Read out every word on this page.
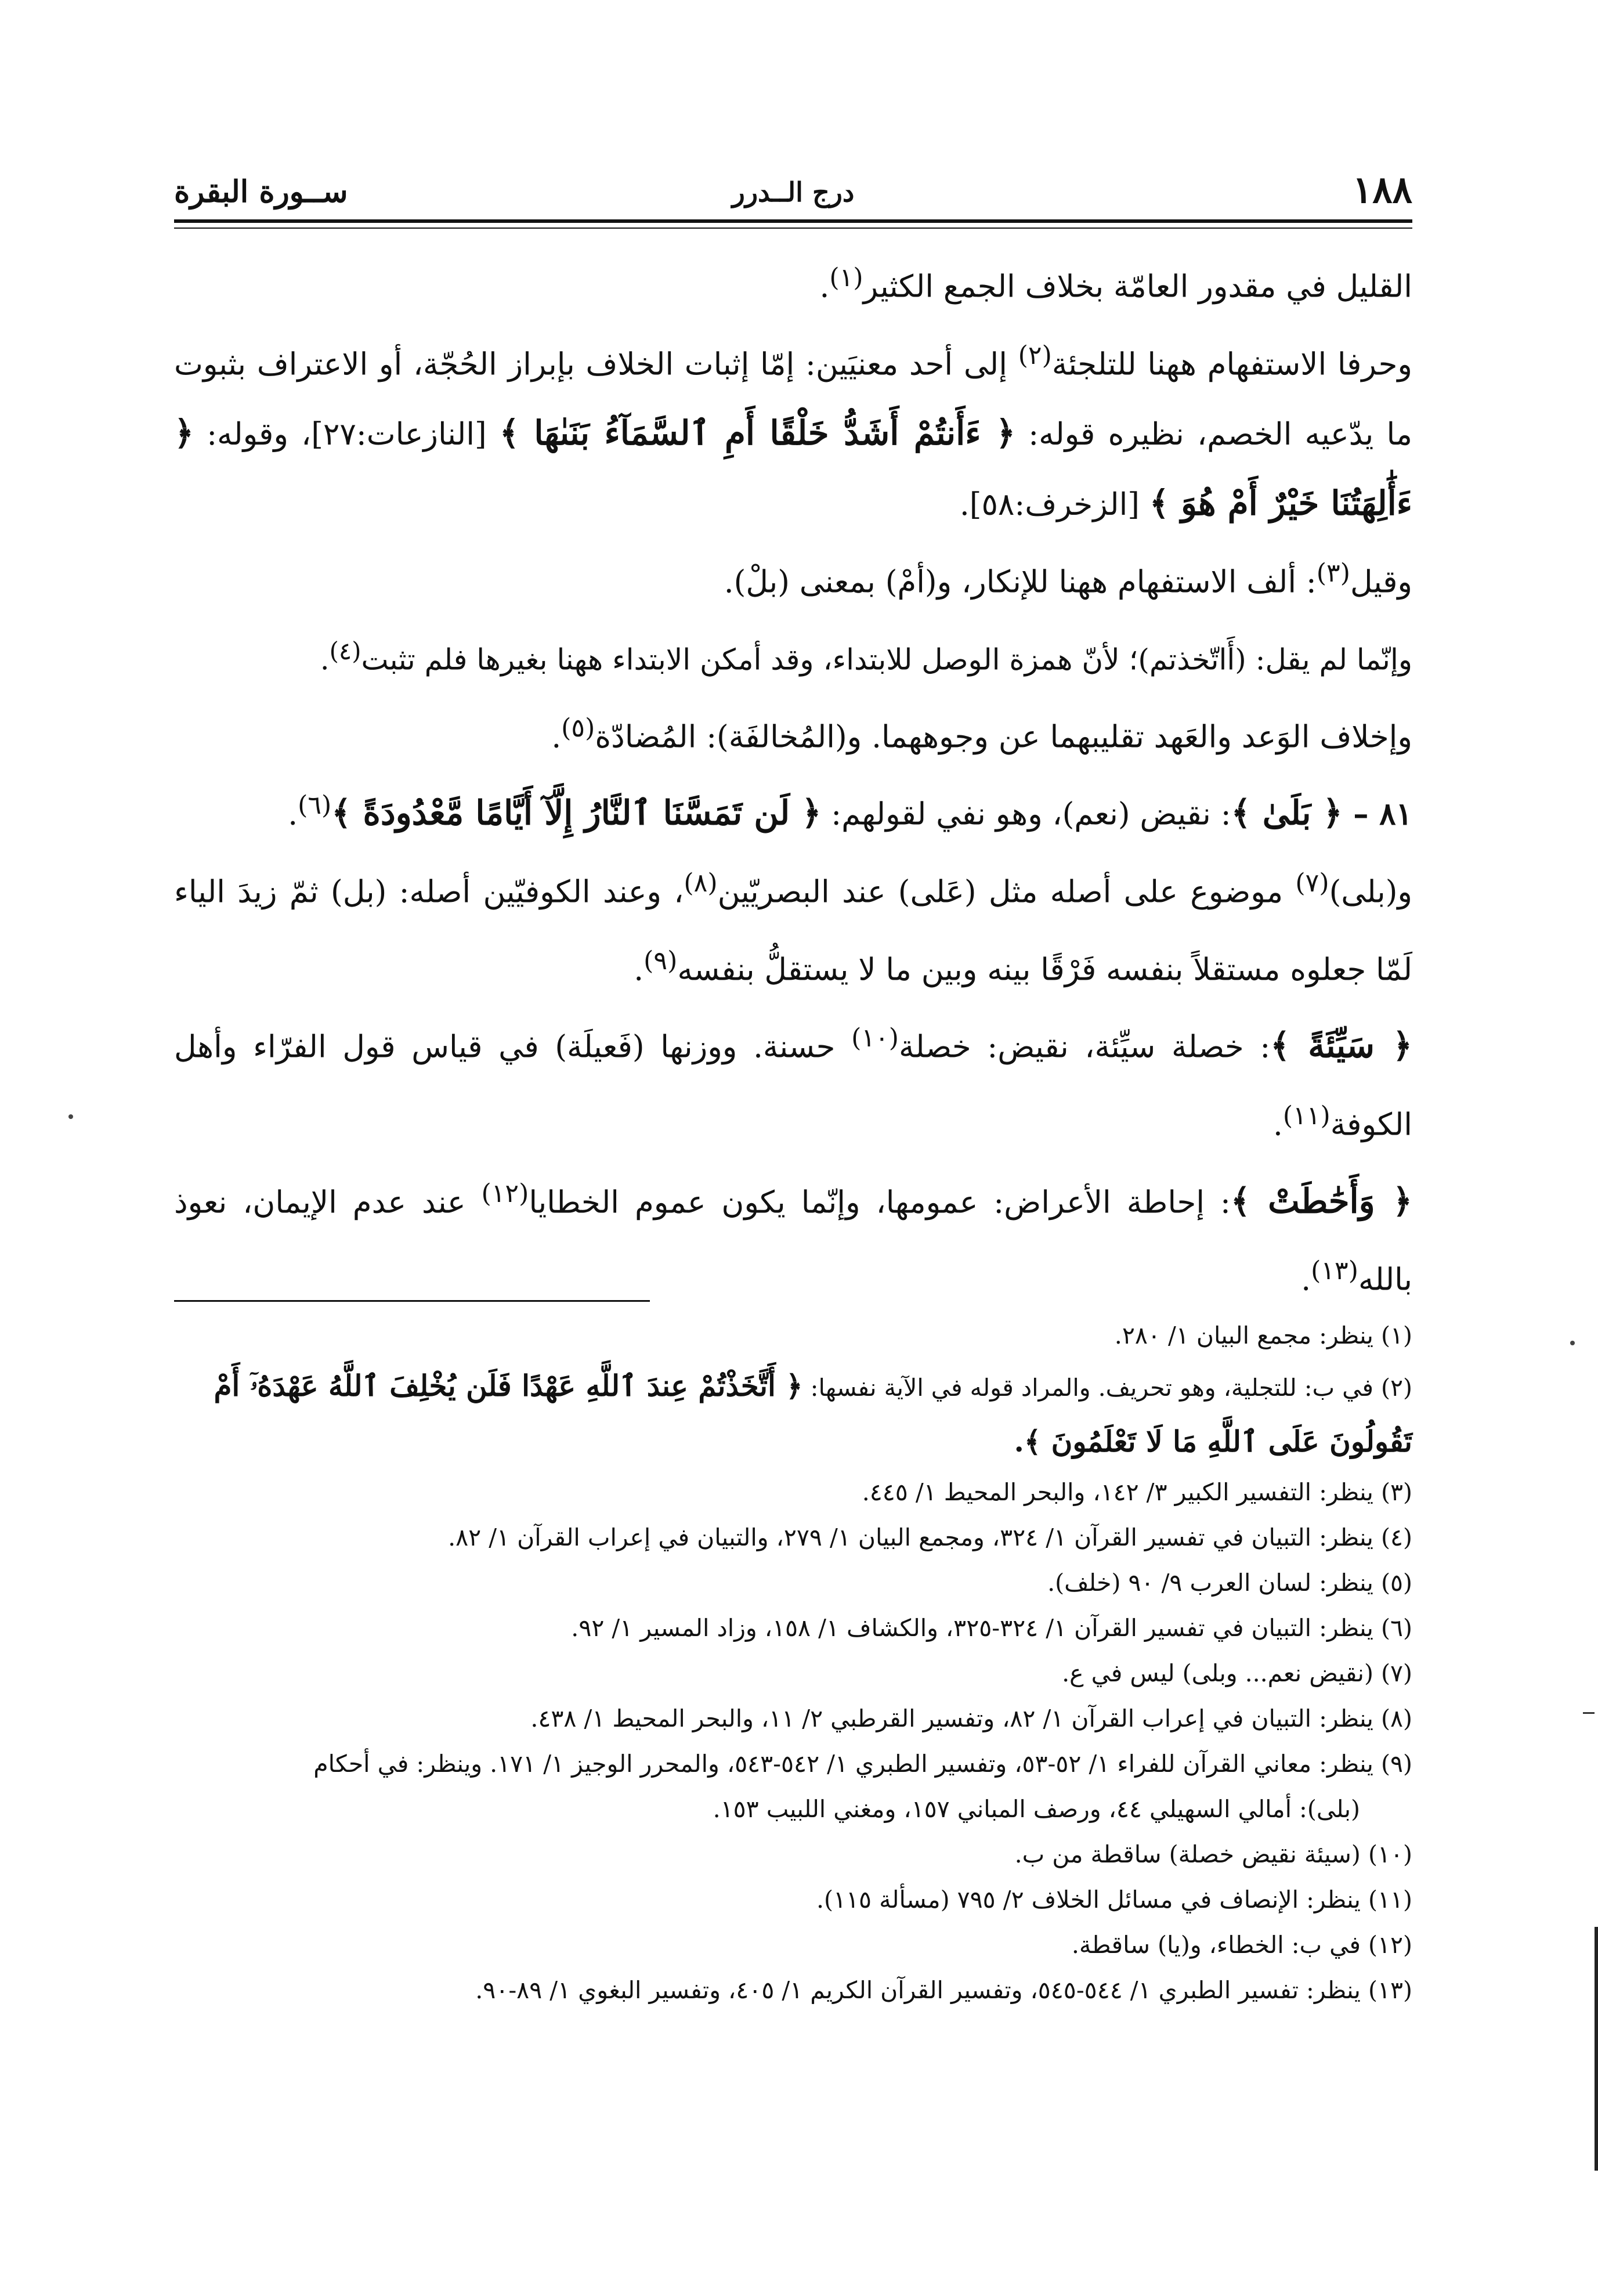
١٨٨
درج الــدرر
ســورة البقرة

القليل في مقدور العامّة بخلاف الجمع الكثير$^{(١)}$.

وحرفا الاستفهام ههنا للتلجئة$^{(٢)}$ إلى أحد معنيَين: إمّا إثبات الخلاف بإبراز الحُجّة، أو الاعتراف بثبوت ما يدّعيه الخصم، نظيره قوله: ﴿ ءَأَنتُمْ أَشَدُّ خَلْقًا أَمِ ٱلسَّمَآءُ بَنَىٰهَا ﴾ [النازعات:٢٧]، وقوله: ﴿ ءَأَٰلِهَتُنَا خَيْرٌ أَمْ هُوَ ﴾ [الزخرف:٥٨].

وقيل$^{(٣)}$: ألف الاستفهام ههنا للإنكار، و(أمْ) بمعنى (بلْ).

وإنّما لم يقل: (أَاتّخذتم)؛ لأنّ همزة الوصل للابتداء، وقد أمكن الابتداء ههنا بغيرها فلم تثبت$^{(٤)}$.

وإخلاف الوَعد والعَهد تقليبهما عن وجوههما. و(المُخالفَة): المُضادّة$^{(٥)}$.

٨١ – ﴿ بَلَىٰ ﴾: نقيض (نعم)، وهو نفي لقولهم: ﴿ لَن تَمَسَّنَا ٱلنَّارُ إِلَّآ أَيَّامًا مَّعْدُودَةً ﴾$^{(٦)}$.

و(بلى)$^{(٧)}$ موضوع على أصله مثل (عَلى) عند البصريّين$^{(٨)}$، وعند الكوفيّين أصله: (بل) ثمّ زيدَ الياء لَمّا جعلوه مستقلاً بنفسه فَرْقًا بينه وبين ما لا يستقلُّ بنفسه$^{(٩)}$.

﴿ سَيِّئَةً ﴾: خصلة سيِّئة، نقيض: خصلة$^{(١٠)}$ حسنة. ووزنها (فَعيلَة) في قياس قول الفرّاء وأهل الكوفة$^{(١١)}$.

﴿ وَأَحَٰطَتْ ﴾: إحاطة الأعراض: عمومها، وإنّما يكون عموم الخطايا$^{(١٢)}$ عند عدم الإيمان، نعوذ بالله$^{(١٣)}$.

(١) ينظر: مجمع البيان ١/ ٢٨٠.

(٢) في ب: للتجلية، وهو تحريف. والمراد قوله في الآية نفسها: ﴿ أَتَّخَذْتُمْ عِندَ ٱللَّهِ عَهْدًا فَلَن يُخْلِفَ ٱللَّهُ عَهْدَهُۥٓ أَمْ تَقُولُونَ عَلَى ٱللَّهِ مَا لَا تَعْلَمُونَ ﴾.

(٣) ينظر: التفسير الكبير ٣/ ١٤٢، والبحر المحيط ١/ ٤٤٥.

(٤) ينظر: التبيان في تفسير القرآن ١/ ٣٢٤، ومجمع البيان ١/ ٢٧٩، والتبيان في إعراب القرآن ١/ ٨٢.

(٥) ينظر: لسان العرب ٩/ ٩٠ (خلف).

(٦) ينظر: التبيان في تفسير القرآن ١/ ٣٢٤-٣٢٥، والكشاف ١/ ١٥٨، وزاد المسير ١/ ٩٢.

(٧) (نقيض نعم... وبلى) ليس في ع.

(٨) ينظر: التبيان في إعراب القرآن ١/ ٨٢، وتفسير القرطبي ٢/ ١١، والبحر المحيط ١/ ٤٣٨.

(٩) ينظر: معاني القرآن للفراء ١/ ٥٢-٥٣، وتفسير الطبري ١/ ٥٤٢-٥٤٣، والمحرر الوجيز ١/ ١٧١. وينظر: في أحكام

(بلى): أمالي السهيلي ٤٤، ورصف المباني ١٥٧، ومغني اللبيب ١٥٣.

(١٠) (سيئة نقيض خصلة) ساقطة من ب.

(١١) ينظر: الإنصاف في مسائل الخلاف ٢/ ٧٩٥ (مسألة ١١٥).

(١٢) في ب: الخطاء، و(يا) ساقطة.

(١٣) ينظر: تفسير الطبري ١/ ٥٤٤-٥٤٥، وتفسير القرآن الكريم ١/ ٤٠٥، وتفسير البغوي ١/ ٨٩-٩٠.
